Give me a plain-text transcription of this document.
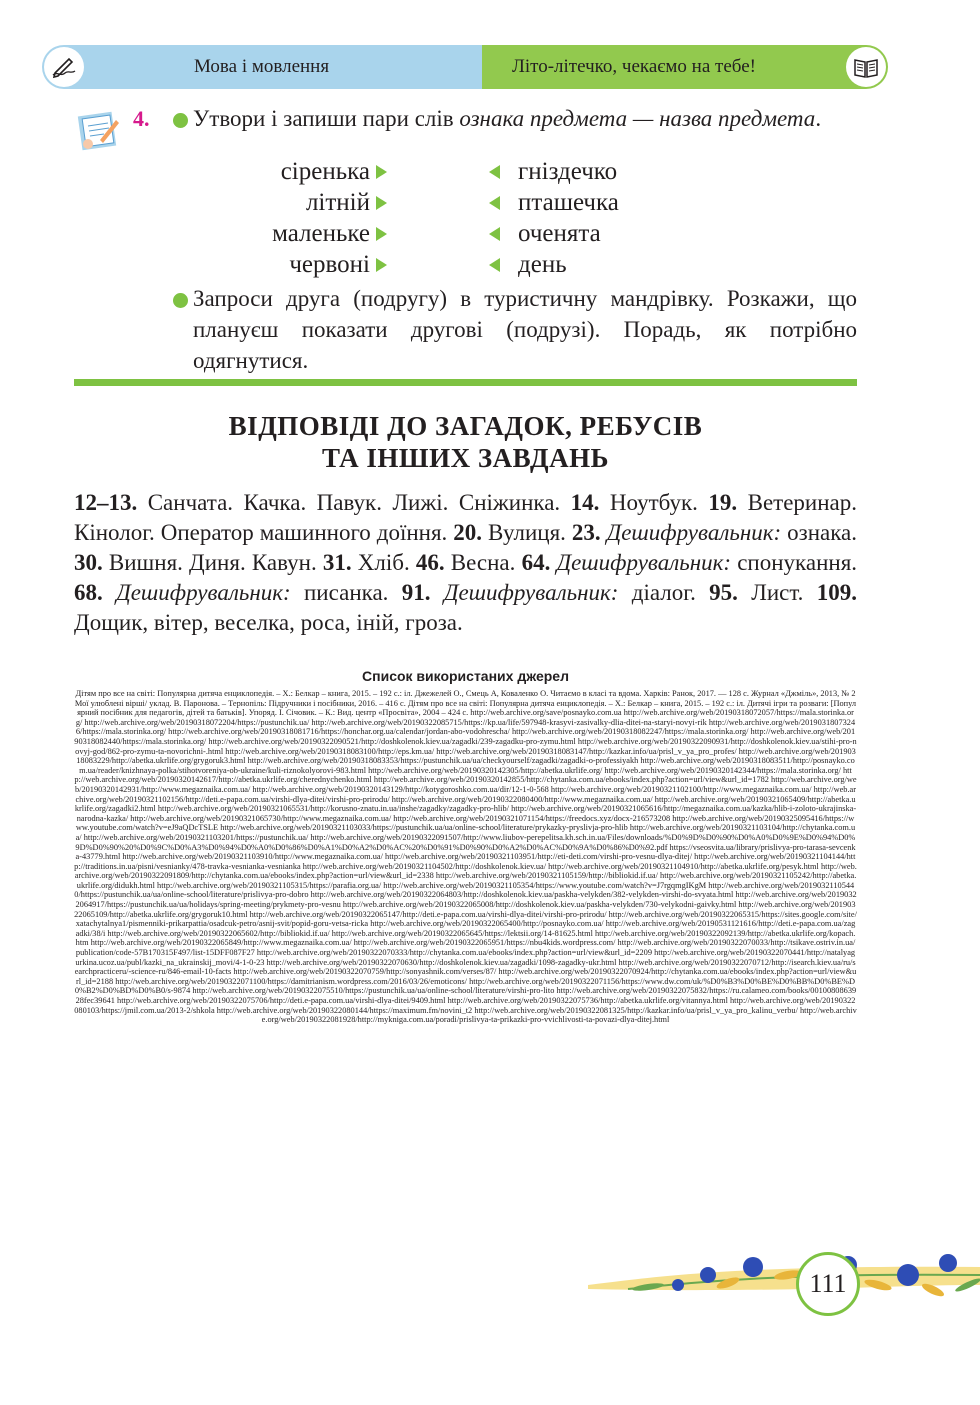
Мова і мовлення	Літо-літечко, чекаємо на тебе!
4. Утвори і запиши пари слів ознака предмета — назва предмета.
сіренька	гніздечко
літній	пташечка
маленьке	оченята
червоні	день
Запроси друга (подругу) в туристичну мандрівку. Розкажи, що плануєш показати другові (подрузі). Порадь, як потрібно одягнутися.
ВІДПОВІДІ ДО ЗАГАДОК, РЕБУСІВ
ТА ІНШИХ ЗАВДАНЬ
12–13. Санчата. Качка. Павук. Лижі. Сніжинка. 14. Ноутбук. 19. Ветеринар. Кінолог. Оператор машинного доїння. 20. Вулиця. 23. Дешифрувальник: ознака. 30. Вишня. Диня. Кавун. 31. Хліб. 46. Весна. 64. Дешифрувальник: спонукання. 68. Дешифрувальник: писанка. 91. Дешифрувальник: діалог. 95. Лист. 109. Дощик, вітер, веселка, роса, іній, гроза.
Список використаних джерел
Дітям про все на світі: Популярна дитяча енциклопедія. – Х.: Белкар – книга, 2015. – 192 с.: іл. Джежелей О., Смець А, Коваленко О. Читаємо в класі та вдома. Харків: Ранок, 2017. — 128 с. Журнал «Джміль», 2013, № 2 Мої улюблені вірші/ уклад. В. Паронова. – Тернопіль: Підручники і посібники, 2016. – 416 с. Дітям про все на світі: Популярна дитяча енциклопедія. – Х.: Белкар – книга, 2015. – 192 с.: іл. Дитячі ігри та розваги: [Популярний посібник для педагогів, дітей та батьків]. Упоряд. І. Січовик. – К.: Вид. центр «Просвіта», 2004 – 424 с. http://web.archive.org/save/posnayko.com.ua http://web.archive.org/web/20190318072057/https://mala.storinka.org/ http://web.archive.org/web/20190318072204/https://pustunchik.ua/ http://web.archive.org/web/20190322085715/https://kp.ua/life/597948-krasyvi-zasivalky-dlia-ditei-na-staryi-novyi-rik http://web.archive.org/web/20190318073246/https://mala.storinka.org/ http://web.archive.org/web/20190318081716/https://honchar.org.ua/calendar/jordan-abo-vodohrescha/ http://web.archive.org/web/20190318082247/https://mala.storinka.org/ http://web.archive.org/web/20190318082440/https://mala.storinka.org/ http://web.archive.org/web/20190322090521/http://doshkolenok.kiev.ua/zagadki/239-zagadku-pro-zymu.html http://web.archive.org/web/20190322090931/http://doshkolenok.kiev.ua/stihi-pro-novyj-god/862-pro-zymu-ta-novorichni-.html http://web.archive.org/web/20190318083100/http://eps.km.ua/ http://web.archive.org/web/20190318083147/http://kazkar.info/ua/prisl_v_ya_pro_profes/ http://web.archive.org/web/20190318083229/http://abetka.ukrlife.org/grygoruk3.html http://web.archive.org/web/20190318083353/https://pustunchik.ua/ua/checkyourself/zagadki/zagadki-o-professiyakh http://web.archive.org/web/20190318083511/http://posnayko.com.ua/reader/knizhnaya-polka/stihotvoreniya-ob-ukraine/kuli-riznokolyorovi-983.html http://web.archive.org/web/20190320142305/http://abetka.ukrlife.org/ http://web.archive.org/web/20190320142344/https://mala.storinka.org/ http://web.archive.org/web/20190320142617/http://abetka.ukrlife.org/cherednychenko.html http://web.archive.org/web/20190320142855/http://chytanka.com.ua/ebooks/index.php?action=url/view&url_id=1782 http://web.archive.org/web/20190320142931/http://www.megaznaika.com.ua/ http://web.archive.org/web/20190320143129/http://kotygoroshko.com.ua/dir/12-1-0-568 http://web.archive.org/web/20190321102100/http://www.megaznaika.com.ua/ http://web.archive.org/web/20190321102156/http://deti.e-papa.com.ua/virshi-dlya-ditei/virshi-pro-prirodu/ http://web.archive.org/web/20190322080400/http://www.megaznaika.com.ua/ http://web.archive.org/web/20190321065409/http://abetka.ukrlife.org/zagadki2.html http://web.archive.org/web/20190321065531/http://korusno-znatu.in.ua/inshe/zagadky/zagadky-pro-hlib/ http://web.archive.org/web/20190321065616/http://megaznaika.com.ua/kazka/hlib-i-zoloto-ukrajinska-narodna-kazka/ http://web.archive.org/web/20190321065730/http://www.megaznaika.com.ua/ http://web.archive.org/web/20190321071154/https://freedocs.xyz/docx-216573208 http://web.archive.org/web/20190325095416/https://www.youtube.com/watch?v=eJ9aQDcTSLE http://web.archive.org/web/20190321103033/https://pustunchik.ua/ua/online-school/literature/prykazky-pryslivja-pro-hlib http://web.archive.org/web/20190321103104/http://chytanka.com.ua/ http://web.archive.org/web/20190321103201/https://pustunchik.ua/ http://web.archive.org/web/20190322091507/http://www.liubov-perepelitsa.kh.sch.in.ua/Files/downloads/%D0%9D%D0%90%D0%A0%D0%9E%D0%94%D0%9D%D0%90%20%D0%9C%D0%A3%D0%94%D0%A0%D0%86%D0%A1%D0%A2%D0%AC%20%D0%91%D0%90%D0%A2%D0%AC%D0%9A%D0%86%D0%92.pdf https://vseosvita.ua/library/prislivya-pro-tarasa-sevcenka-43779.html http://web.archive.org/web/20190321103910/http://www.megaznaika.com.ua/ http://web.archive.org/web/20190321103951/http://eti-deti.com/virshi-pro-vesnu-dlya-ditej/ http://web.archive.org/web/20190321104144/http://traditions.in.ua/pisni/vesnianky/478-travka-vesnianka-vesnianka http://web.archive.org/web/20190321104502/http://doshkolenok.kiev.ua/ http://web.archive.org/web/20190321104910/http://abetka.ukrlife.org/pesyk.html http://web.archive.org/web/20190322091809/http://chytanka.com.ua/ebooks/index.php?action=url/view&url_id=2338 http://web.archive.org/web/20190321105159/http://bibliokid.if.ua/ http://web.archive.org/web/20190321105242/http://abetka.ukrlife.org/didukh.html http://web.archive.org/web/20190321105315/https://parafia.org.ua/ http://web.archive.org/web/20190321105354/https://www.youtube.com/watch?v=J7rgqmgIKgM http://web.archive.org/web/20190321105440/https://pustunchik.ua/ua/online-school/literature/prislivya-pro-dobro http://web.archive.org/web/20190322064803/http://doshkolenok.kiev.ua/paskha-velykden/382-velykden-virshi-do-svyata.html http://web.archive.org/web/20190322064917/https://pustunchik.ua/ua/holidays/spring-meeting/prykmety-pro-vesnu http://web.archive.org/web/20190322065008/http://doshkolenok.kiev.ua/paskha-velykden/730-velykodni-gaivky.html http://web.archive.org/web/20190322065109/http://abetka.ukrlife.org/grygoruk10.html http://web.archive.org/web/20190322065147/http://deti.e-papa.com.ua/virshi-dlya-ditei/virshi-pro-prirodu/ http://web.archive.org/web/20190322065315/https://sites.google.com/site/xatachytalnya1/pismenniki-prikarpattia/osadcuk-petro/asnij-svit/popid-goru-vetsa-ricka http://web.archive.org/web/20190322065400/http://posnayko.com.ua/ http://web.archive.org/web/20190531121616/http://deti.e-papa.com.ua/zagadki/38/i http://web.archive.org/web/20190322065602/http://bibliokid.if.ua/ http://web.archive.org/web/20190322065645/https://lektsii.org/14-81625.html http://web.archive.org/web/20190322092139/http://abetka.ukrlife.org/kopach.htm http://web.archive.org/web/20190322065849/http://www.megaznaika.com.ua/ http://web.archive.org/web/20190322065951/https://nbu4kids.wordpress.com/ http://web.archive.org/web/20190322070033/http://tsikave.ostriv.in.ua/publication/code-57B170315F497/list-15DFF087F27 http://web.archive.org/web/20190322070333/http://chytanka.com.ua/ebooks/index.php?action=url/view&url_id=2209 http://web.archive.org/web/20190322070441/http://natalyagurkina.ucoz.ua/publ/kazki_na_ukrainskij_movi/4-1-0-23 http://web.archive.org/web/20190322070630/http://doshkolenok.kiev.ua/zagadki/1098-zagadky-ukr.html http://web.archive.org/web/20190322070712/http://isearch.kiev.ua/ru/searchpracticeru/-science-ru/846-email-10-facts http://web.archive.org/web/20190322070759/http://sonyashnik.com/verses/87/ http://web.archive.org/web/20190322070924/http://chytanka.com.ua/ebooks/index.php?action=url/view&url_id=2188 http://web.archive.org/web/20190322071100/https://damitrianism.wordpress.com/2016/03/26/emoticons/ http://web.archive.org/web/20190322071156/https://www.dw.com/uk/%D0%B3%D0%BE%D0%BB%D0%BE%D0%B2%D0%BD%D0%B0/s-9874 http://web.archive.org/web/20190322075510/https://pustunchik.ua/ua/online-school/literature/virshi-pro-lito http://web.archive.org/web/20190322075832/https://ru.calameo.com/books/0010080863928fec39641 http://web.archive.org/web/20190322075706/http://deti.e-papa.com.ua/virshi-dlya-ditei/9409.html http://web.archive.org/web/20190322075736/http://abetka.ukrlife.org/vitannya.html http://web.archive.org/web/20190322080103/https://jmil.com.ua/2013-2/shkola http://web.archive.org/web/20190322080144/https://maximum.fm/novini_t2 http://web.archive.org/web/20190322081325/http://kazkar.info/ua/prisl_v_ya_pro_kalinu_verbu/ http://web.archive.org/web/20190322081928/http://mykniga.com.ua/poradi/prislivya-ta-prikazki-pro-vvichlivosti-ta-povazi-dlya-ditej.html
111
